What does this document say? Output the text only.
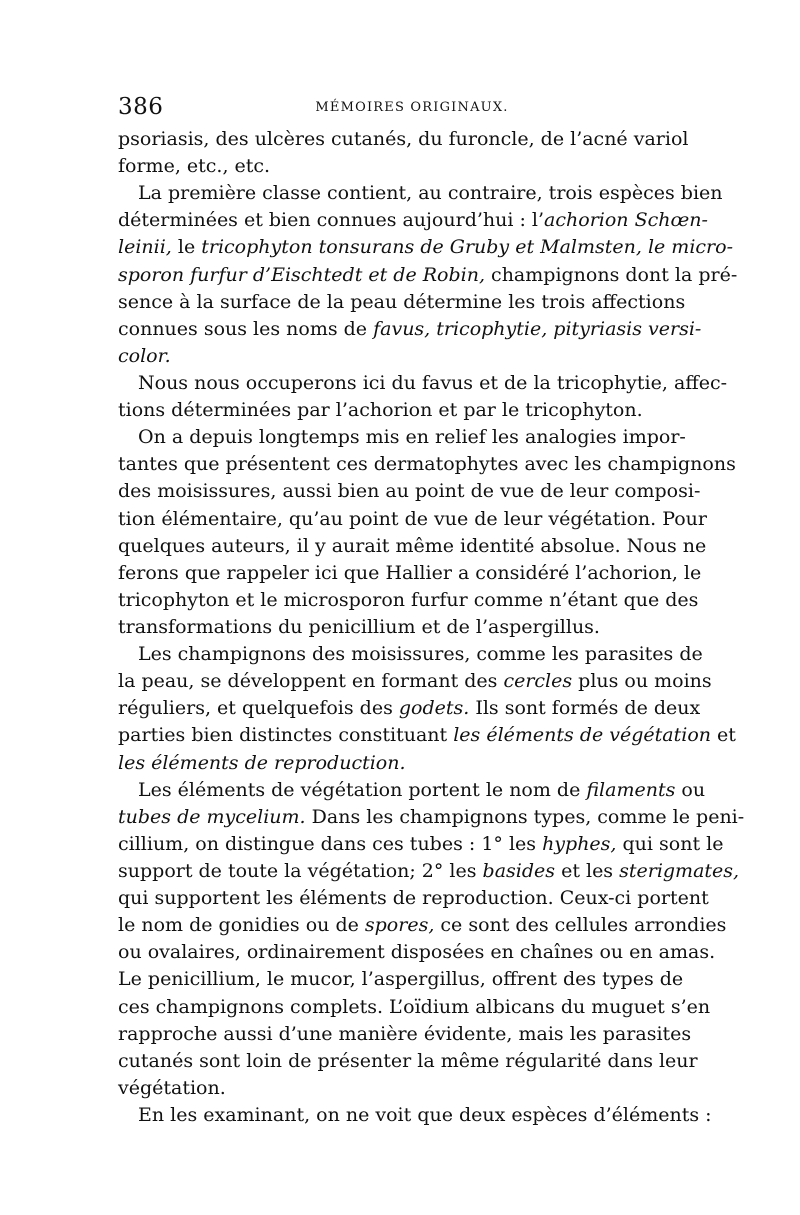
386	MÉMOIRES ORIGINAUX.
psoriasis, des ulcères cutanés, du furoncle, de l’acné variol
forme, etc., etc.
La première classe contient, au contraire, trois espèces bien
déterminées et bien connues aujourd’hui : l’achorion Schœn-
leinii, le tricophyton tonsurans de Gruby et Malmsten, le micro-
sporon furfur d’Eischtedt et de Robin, champignons dont la pré-
sence à la surface de la peau détermine les trois affections
connues sous les noms de favus, tricophytie, pityriasis versi-
color.
Nous nous occuperons ici du favus et de la tricophytie, affec-
tions déterminées par l’achorion et par le tricophyton.
On a depuis longtemps mis en relief les analogies impor-
tantes que présentent ces dermatophytes avec les champignons
des moisissures, aussi bien au point de vue de leur composi-
tion élémentaire, qu’au point de vue de leur végétation. Pour
quelques auteurs, il y aurait même identité absolue. Nous ne
ferons que rappeler ici que Hallier a considéré l’achorion, le
tricophyton et le microsporon furfur comme n’étant que des
transformations du penicillium et de l’aspergillus.
Les champignons des moisissures, comme les parasites de
la peau, se développent en formant des cercles plus ou moins
réguliers, et quelquefois des godets. Ils sont formés de deux
parties bien distinctes constituant les éléments de végétation et
les éléments de reproduction.
Les éléments de végétation portent le nom de filaments ou
tubes de mycelium. Dans les champignons types, comme le peni-
cillium, on distingue dans ces tubes : 1° les hyphes, qui sont le
support de toute la végétation; 2° les basides et les sterigmates,
qui supportent les éléments de reproduction. Ceux-ci portent
le nom de gonidies ou de spores, ce sont des cellules arrondies
ou ovalaires, ordinairement disposées en chaînes ou en amas.
Le penicillium, le mucor, l’aspergillus, offrent des types de
ces champignons complets. L’oïdium albicans du muguet s’en
rapproche aussi d’une manière évidente, mais les parasites
cutanés sont loin de présenter la même régularité dans leur
végétation.
En les examinant, on ne voit que deux espèces d’éléments :
